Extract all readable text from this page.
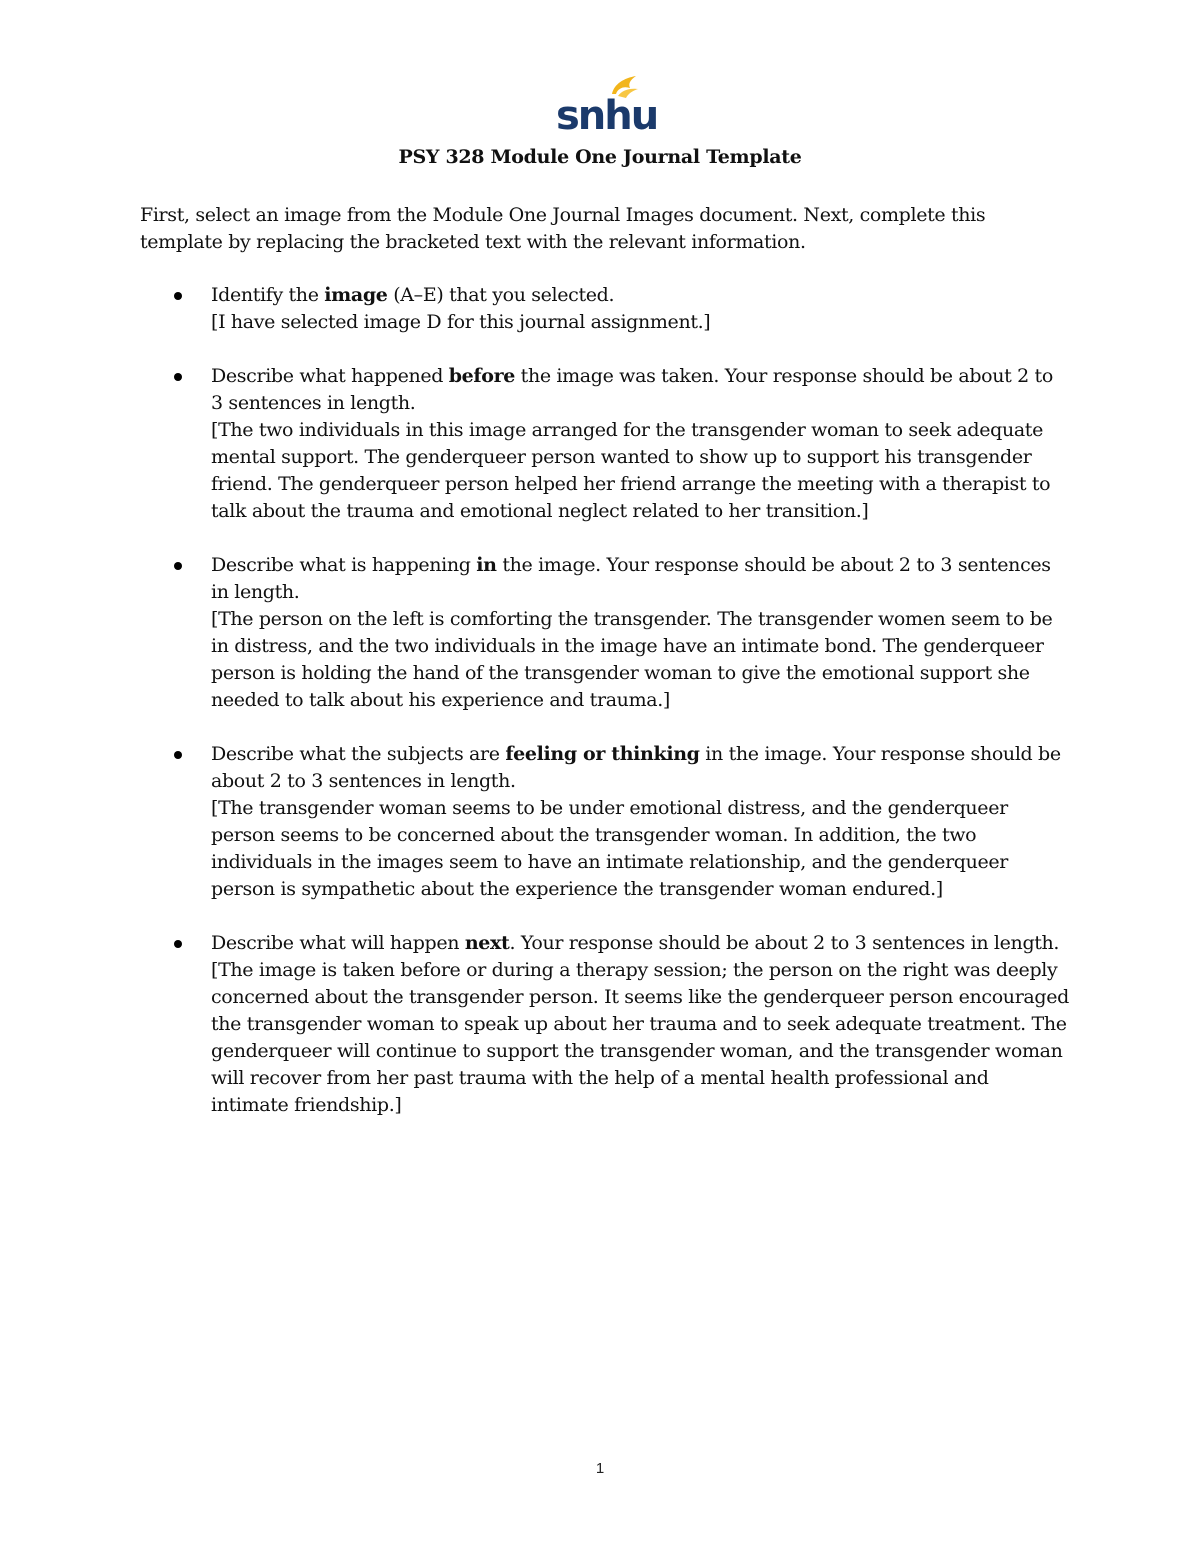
snhu
PSY 328 Module One Journal Template

First, select an image from the Module One Journal Images document. Next, complete this template by replacing the bracketed text with the relevant information.

Identify the image (A–E) that you selected.
[I have selected image D for this journal assignment.]
Describe what happened before the image was taken. Your response should be about 2 to 3 sentences in length.
[The two individuals in this image arranged for the transgender woman to seek adequate mental support. The genderqueer person wanted to show up to support his transgender friend. The genderqueer person helped her friend arrange the meeting with a therapist to talk about the trauma and emotional neglect related to her transition.]
Describe what is happening in the image. Your response should be about 2 to 3 sentences in length.
[The person on the left is comforting the transgender. The transgender women seem to be in distress, and the two individuals in the image have an intimate bond. The genderqueer person is holding the hand of the transgender woman to give the emotional support she needed to talk about his experience and trauma.]
Describe what the subjects are feeling or thinking in the image. Your response should be about 2 to 3 sentences in length.
[The transgender woman seems to be under emotional distress, and the genderqueer person seems to be concerned about the transgender woman. In addition, the two individuals in the images seem to have an intimate relationship, and the genderqueer person is sympathetic about the experience the transgender woman endured.]
Describe what will happen next. Your response should be about 2 to 3 sentences in length.
[The image is taken before or during a therapy session; the person on the right was deeply concerned about the transgender person. It seems like the genderqueer person encouraged the transgender woman to speak up about her trauma and to seek adequate treatment. The genderqueer will continue to support the transgender woman, and the transgender woman will recover from her past trauma with the help of a mental health professional and intimate friendship.]
1
